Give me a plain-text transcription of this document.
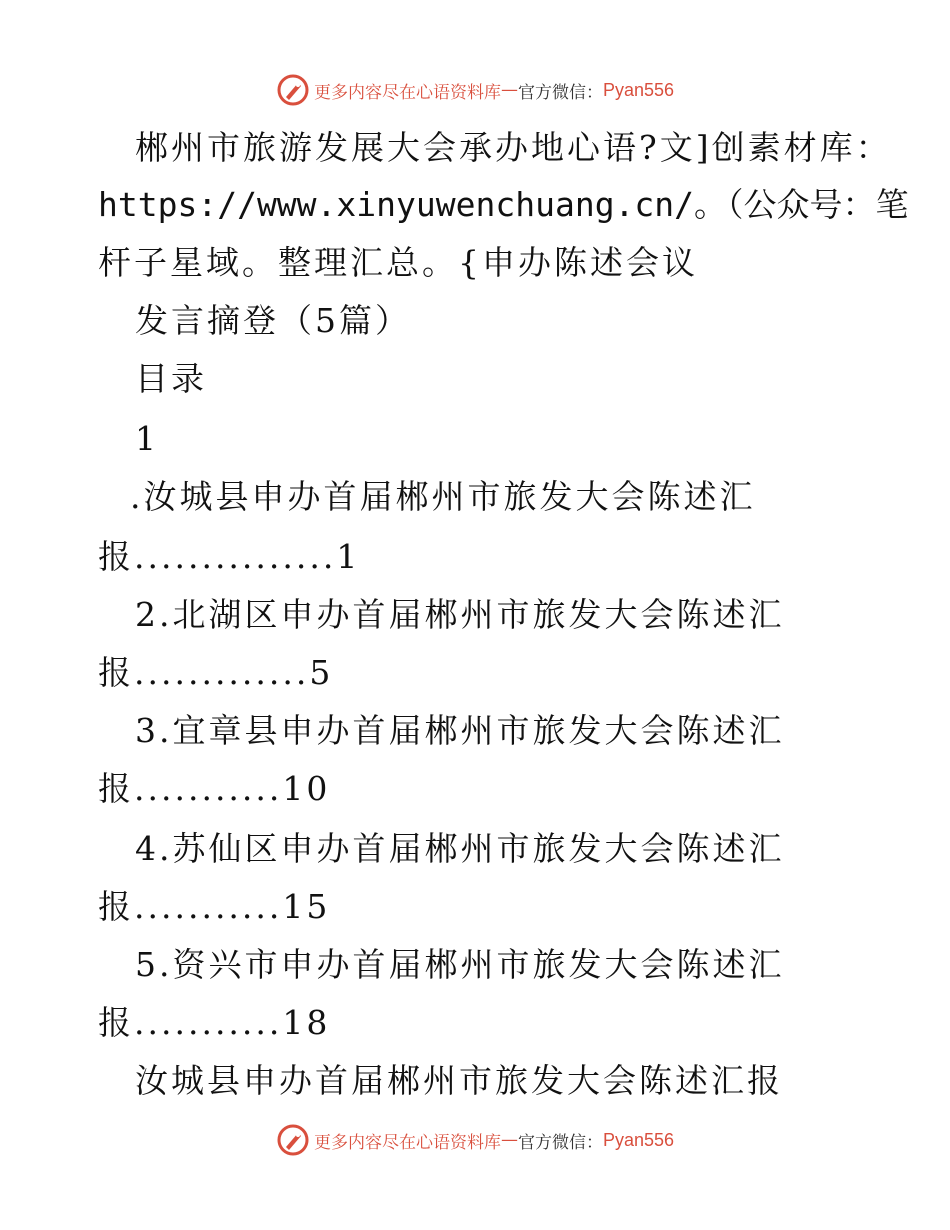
更多内容尽在心语资料库 — 官方微信： Pyan556
郴州市旅游发展大会承办地心语?文]创素材库：
https://www.xinyuwenchuang.cn/。（公众号：笔
杆子星域。整理汇总。{申办陈述会议
发言摘登（5篇）
目录
1
.汝城县申办首届郴州市旅发大会陈述汇
报...............1
2.北湖区申办首届郴州市旅发大会陈述汇
报.............5
3.宜章县申办首届郴州市旅发大会陈述汇
报...........10
4.苏仙区申办首届郴州市旅发大会陈述汇
报...........15
5.资兴市申办首届郴州市旅发大会陈述汇
报...........18
汝城县申办首届郴州市旅发大会陈述汇报
更多内容尽在心语资料库 — 官方微信： Pyan556
